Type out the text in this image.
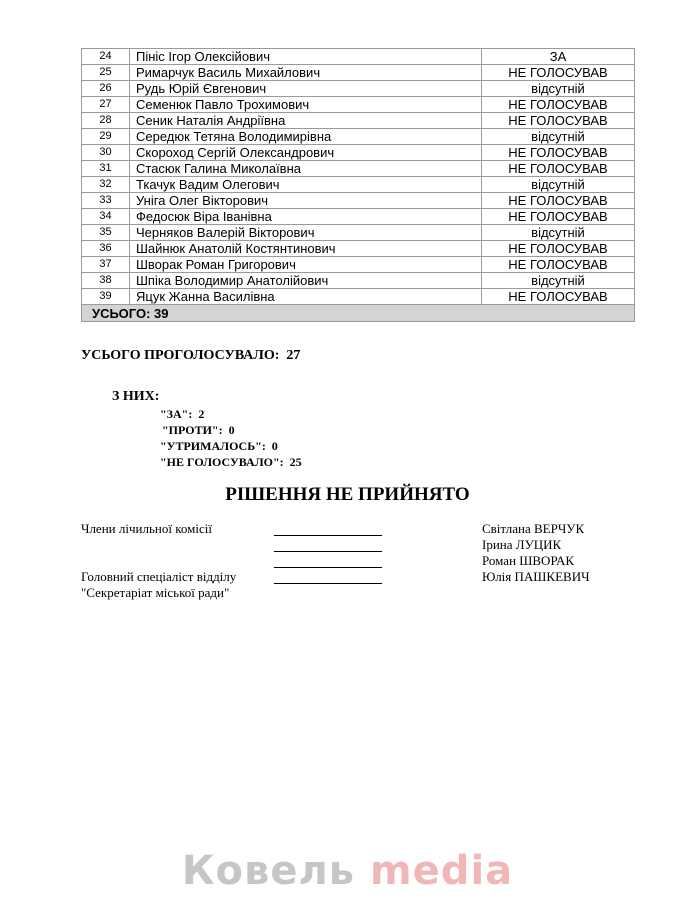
24	Пініс Ігор Олексійович	ЗА
25	Римарчук Василь Михайлович	НЕ ГОЛОСУВАВ
26	Рудь Юрій Євгенович	відсутній
27	Семенюк Павло Трохимович	НЕ ГОЛОСУВАВ
28	Сеник Наталія Андріївна	НЕ ГОЛОСУВАВ
29	Середюк Тетяна Володимирівна	відсутній
30	Скороход Сергій Олександрович	НЕ ГОЛОСУВАВ
31	Стасюк Галина Миколаївна	НЕ ГОЛОСУВАВ
32	Ткачук Вадим Олегович	відсутній
33	Уніга Олег Вікторович	НЕ ГОЛОСУВАВ
34	Федосюк Віра Іванівна	НЕ ГОЛОСУВАВ
35	Черняков Валерій Вікторович	відсутній
36	Шайнюк Анатолій Костянтинович	НЕ ГОЛОСУВАВ
37	Шворак Роман Григорович	НЕ ГОЛОСУВАВ
38	Шпіка Володимир Анатолійович	відсутній
39	Яцук Жанна Василівна	НЕ ГОЛОСУВАВ
УСЬОГО: 39		
УСЬОГО ПРОГОЛОСУВАЛО:  27
З НИХ:
"ЗА":  2
"ПРОТИ":  0
"УТРИМАЛОСЬ":  0
"НЕ ГОЛОСУВАЛО":  25
РІШЕННЯ НЕ ПРИЙНЯТО
Члени лічильної комісії
Головний спеціаліст відділу
"Секретаріат міської ради"
Світлана ВЕРЧУК
Ірина ЛУЦИК
Роман ШВОРАК
Юлія ПАШКЕВИЧ
Ковель media
